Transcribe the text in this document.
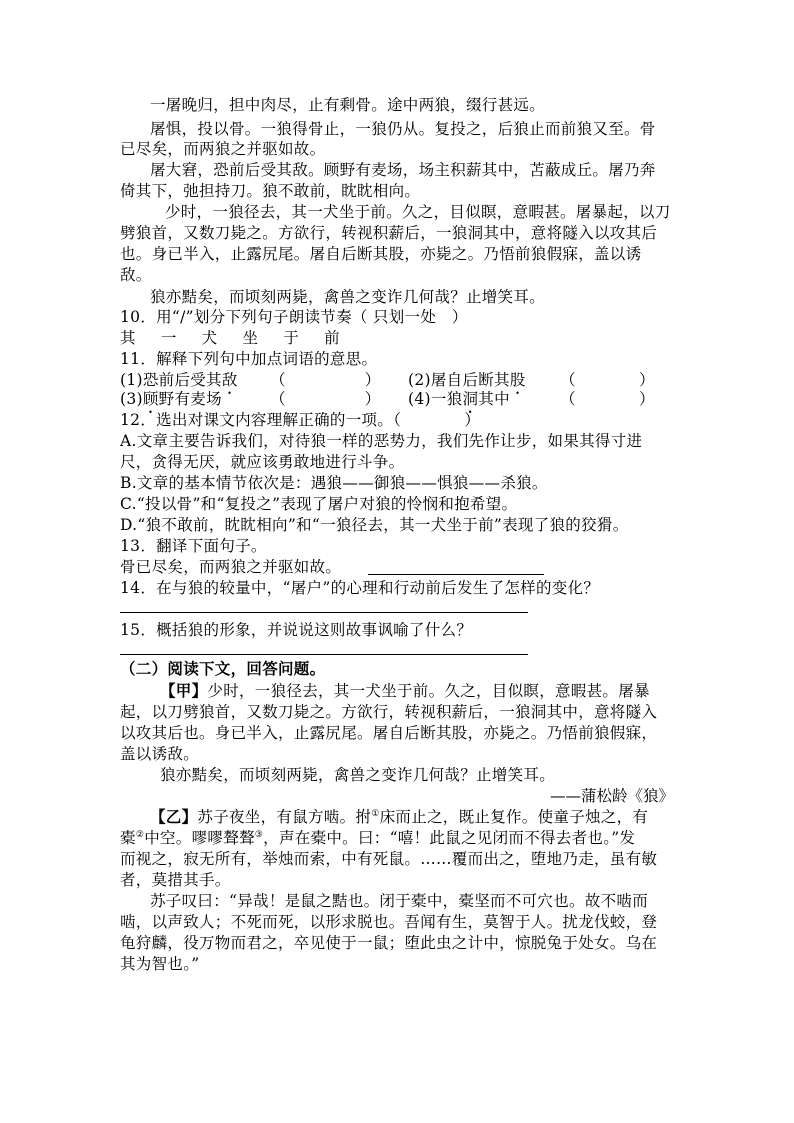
一屠晚归，担中肉尽，止有剩骨。途中两狼，缀行甚远。
屠惧，投以骨。一狼得骨止，一狼仍从。复投之，后狼止而前狼又至。骨
已尽矣，而两狼之并驱如故。
屠大窘，恐前后受其敌。顾野有麦场，场主积薪其中，苫蔽成丘。屠乃奔
倚其下，弛担持刀。狼不敢前，眈眈相向。
少时，一狼径去，其一犬坐于前。久之，目似瞑，意暇甚。屠暴起，以刀
劈狼首，又数刀毙之。方欲行，转视积薪后，一狼洞其中，意将隧入以攻其后
也。身已半入，止露尻尾。屠自后断其股，亦毙之。乃悟前狼假寐，盖以诱
敌。
狼亦黠矣，而顷刻两毙，禽兽之变诈几何哉？止增笑耳。
10．用“/”划分下列句子朗读节奏（ 只划一处　）
其 一 犬 坐 于 前
11．解释下列句中加点词语的意思。
(1)恐前后受其敌 （　　　　　） (2)屠自后断其股 （　　　　）
(3)顾野有麦场	（　　　　　） (4)一狼洞其中	（　　　　）
12．选出对课文内容理解正确的一项。（　　　　）
A.文章主要告诉我们，对待狼一样的恶势力，我们先作让步，如果其得寸进
尺，贪得无厌，就应该勇敢地进行斗争。
B.文章的基本情节依次是：遇狼——御狼——惧狼——杀狼。
C.“投以骨”和“复投之”表现了屠户对狼的怜悯和抱希望。
D.“狼不敢前，眈眈相向”和“一狼径去，其一犬坐于前”表现了狼的狡猾。
13．翻译下面句子。
骨已尽矣，而两狼之并驱如故。
14．在与狼的较量中，“屠户”的心理和行动前后发生了怎样的变化？
15．概括狼的形象，并说说这则故事讽喻了什么？
（二）阅读下文，回答问题。
【甲】少时，一狼径去，其一犬坐于前。久之，目似瞑，意暇甚。屠暴
起，以刀劈狼首，又数刀毙之。方欲行，转视积薪后，一狼洞其中，意将隧入
以攻其后也。身已半入，止露尻尾。屠自后断其股，亦毙之。乃悟前狼假寐，
盖以诱敌。
狼亦黠矣，而顷刻两毙，禽兽之变诈几何哉？止增笑耳。
——蒲松龄《狼》
【乙】苏子夜坐，有鼠方啮。拊①床而止之，既止复作。使童子烛之，有
橐②中空。嘐嘐聱聱③，声在橐中。曰：“嘻！此鼠之见闭而不得去者也。”发
而视之，寂无所有，举烛而索，中有死鼠。……覆而出之，堕地乃走，虽有敏
者，莫措其手。
苏子叹曰：“异哉！是鼠之黠也。闭于橐中，橐坚而不可穴也。故不啮而
啮，以声致人；不死而死，以形求脱也。吾闻有生，莫智于人。扰龙伐蛟，登
龟狩麟，役万物而君之，卒见使于一鼠；堕此虫之计中，惊脱兔于处女。乌在
其为智也。”
